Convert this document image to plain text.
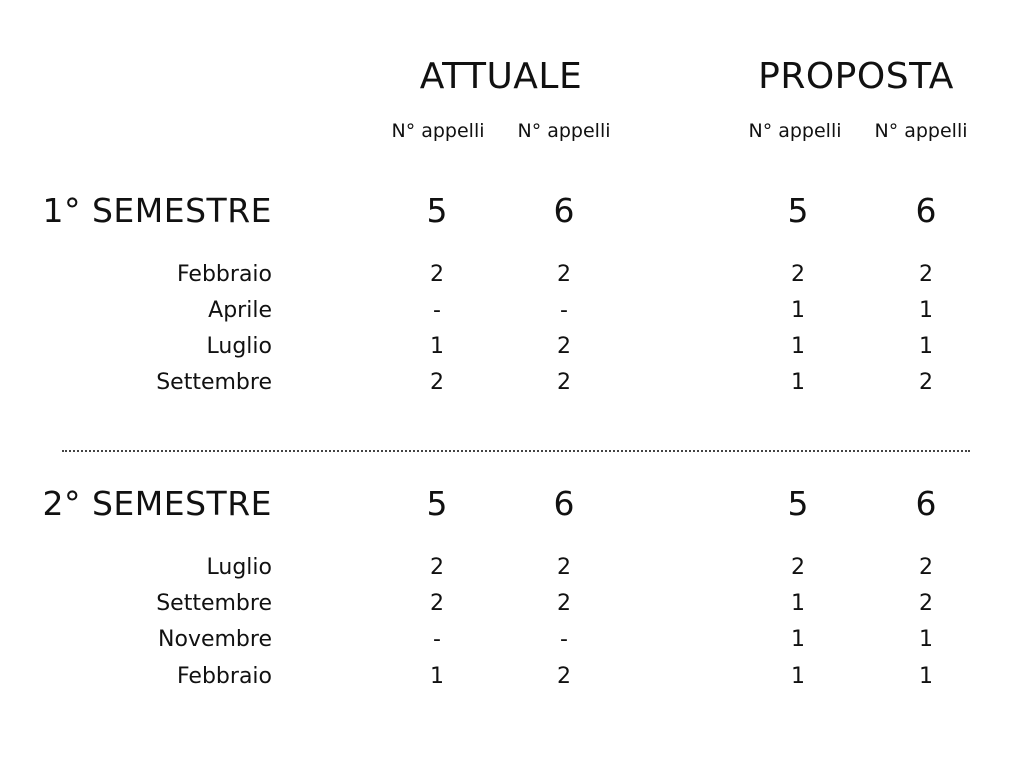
ATTUALE	PROPOSTA
N° appelli N° appelli	N° appelli N° appelli
1° SEMESTRE	5	6	5	6
Febbraio	2	2	2	2
Aprile	-	-	1	1
Luglio	1	2	1	1
Settembre	2	2	1	2
2° SEMESTRE	5	6	5	6
Luglio	2	2	2	2
Settembre	2	2	1	2
Novembre	-	-	1	1
Febbraio	1	2	1	1
